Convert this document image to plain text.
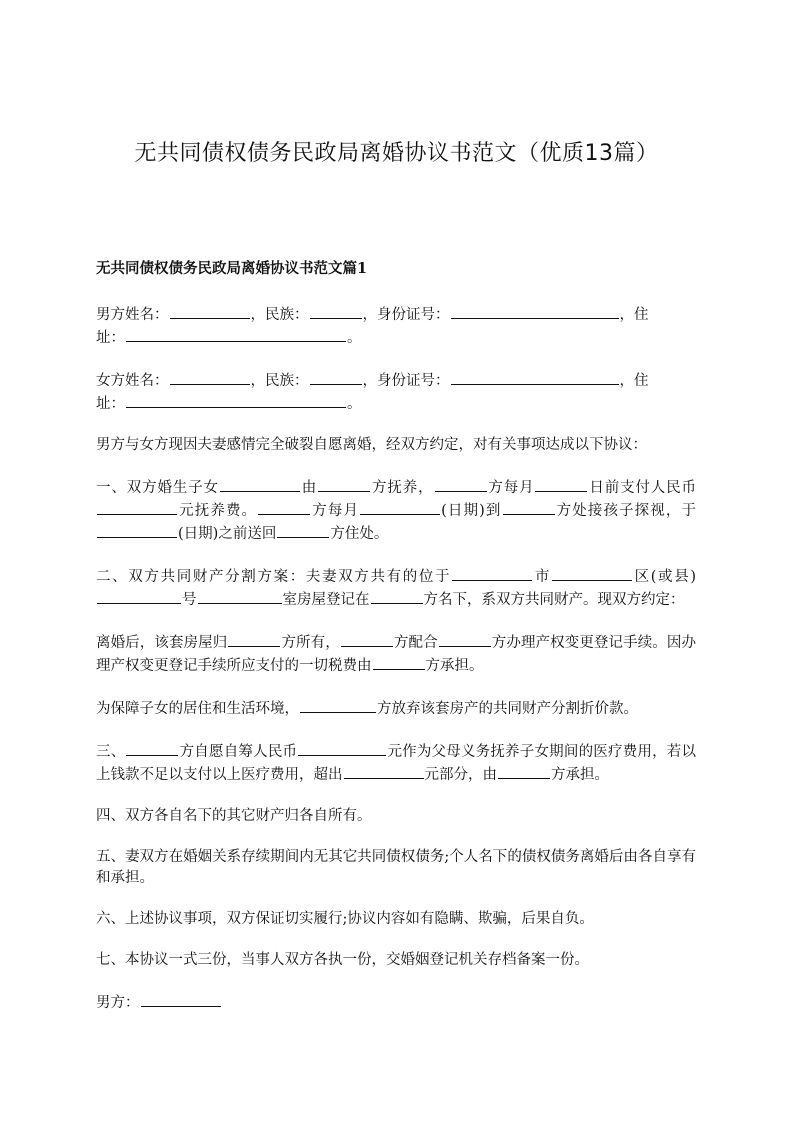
无共同债权债务民政局离婚协议书范文（优质13篇）

无共同债权债务民政局离婚协议书范文篇1

男方姓名：	，民族：	，身份证号：	，住
址：	。

女方姓名：	，民族：	，身份证号：	，住
址：	。

男方与女方现因夫妻感情完全破裂自愿离婚，经双方约定，对有关事项达成以下协议：

一、双方婚生子女	由	方抚养，	方每月	日前支付人民币元抚养费。	方每月	(日期)到	方处接孩子探视，于(日期)之前送回	方住处。

二、双方共同财产分割方案：夫妻双方共有的位于	市	区(或县)号	室房屋登记在	方名下，系双方共同财产。现双方约定：

离婚后，该套房屋归	方所有，	方配合	方办理产权变更登记手续。因办理产权变更登记手续所应支付的一切税费由	方承担。

为保障子女的居住和生活环境，	方放弃该套房产的共同财产分割折价款。

三、	方自愿自筹人民币	元作为父母义务抚养子女期间的医疗费用，若以上钱款不足以支付以上医疗费用，超出	元部分，由	方承担。

四、双方各自名下的其它财产归各自所有。

五、妻双方在婚姻关系存续期间内无其它共同债权债务;个人名下的债权债务离婚后由各自享有和承担。

六、上述协议事项，双方保证切实履行;协议内容如有隐瞒、欺骗，后果自负。

七、本协议一式三份，当事人双方各执一份，交婚姻登记机关存档备案一份。

男方：
